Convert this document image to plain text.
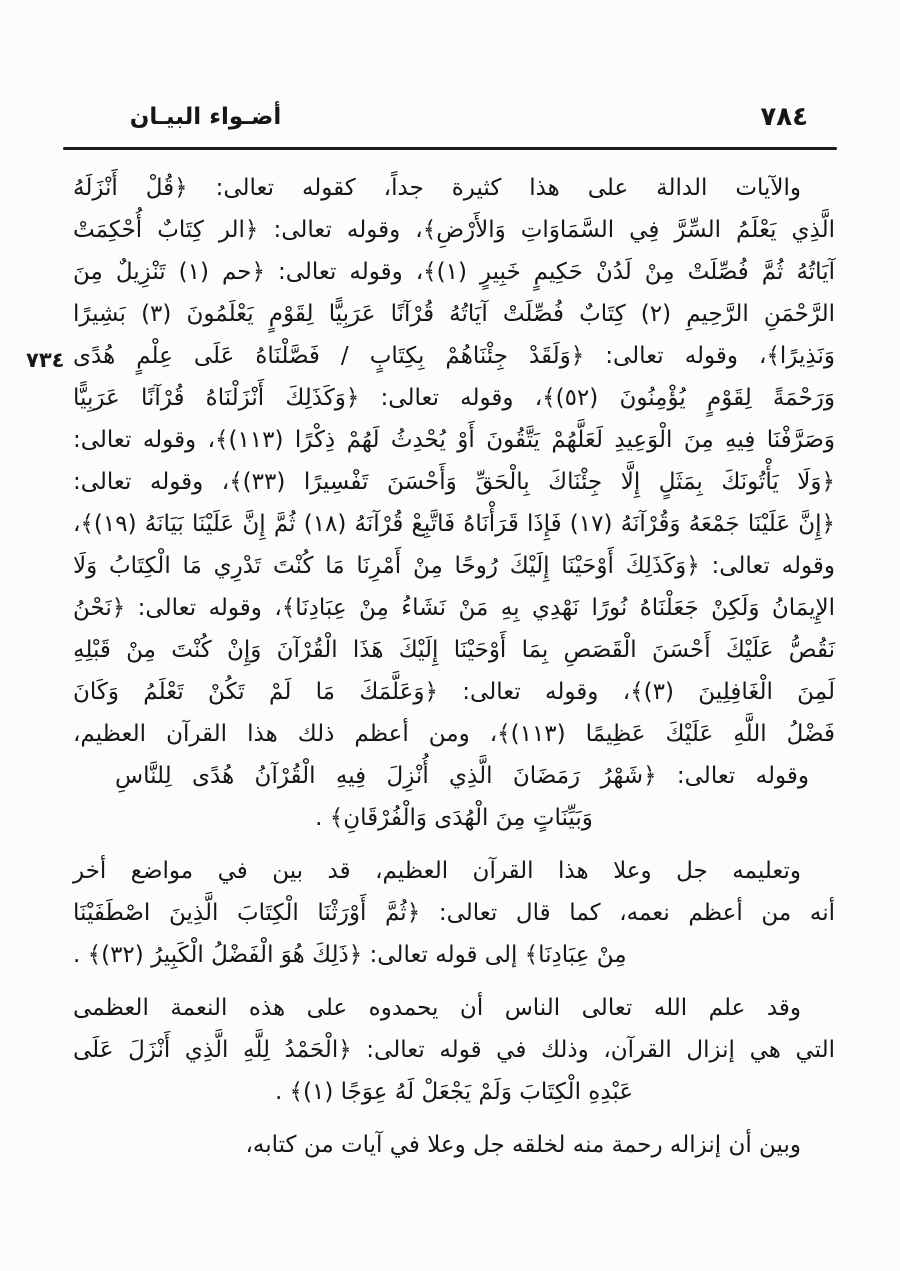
أضـواء البيـان	٧٨٤
٧٣٤
والآيات الدالة على هذا كثيرة جداً، كقوله تعالى: ﴿قُلْ أَنْزَلَهُ
الَّذِي يَعْلَمُ السِّرَّ فِي السَّمَاوَاتِ وَالأَرْضِ﴾، وقوله تعالى: ﴿الر كِتَابٌ أُحْكِمَتْ
آيَاتُهُ ثُمَّ فُصِّلَتْ مِنْ لَدُنْ حَكِيمٍ خَبِيرٍ (١)﴾، وقوله تعالى: ﴿حم (١) تَنْزِيلٌ مِنَ
الرَّحْمَنِ الرَّحِيمِ (٢) كِتَابٌ فُصِّلَتْ آيَاتُهُ قُرْآنًا عَرَبِيًّا لِقَوْمٍ يَعْلَمُونَ (٣) بَشِيرًا
وَنَذِيرًا﴾، وقوله تعالى: ﴿وَلَقَدْ جِئْنَاهُمْ بِكِتَابٍ / فَصَّلْنَاهُ عَلَى عِلْمٍ هُدًى
وَرَحْمَةً لِقَوْمٍ يُؤْمِنُونَ (٥٢)﴾، وقوله تعالى: ﴿وَكَذَلِكَ أَنْزَلْنَاهُ قُرْآنًا عَرَبِيًّا
وَصَرَّفْنَا فِيهِ مِنَ الْوَعِيدِ لَعَلَّهُمْ يَتَّقُونَ أَوْ يُحْدِثُ لَهُمْ ذِكْرًا (١١٣)﴾، وقوله تعالى:
﴿وَلَا يَأْتُونَكَ بِمَثَلٍ إِلَّا جِئْنَاكَ بِالْحَقِّ وَأَحْسَنَ تَفْسِيرًا (٣٣)﴾، وقوله تعالى:
﴿إِنَّ عَلَيْنَا جَمْعَهُ وَقُرْآنَهُ (١٧) فَإِذَا قَرَأْنَاهُ فَاتَّبِعْ قُرْآنَهُ (١٨) ثُمَّ إِنَّ عَلَيْنَا بَيَانَهُ (١٩)﴾،
وقوله تعالى: ﴿وَكَذَلِكَ أَوْحَيْنَا إِلَيْكَ رُوحًا مِنْ أَمْرِنَا مَا كُنْتَ تَدْرِي مَا الْكِتَابُ وَلَا
الإِيمَانُ وَلَكِنْ جَعَلْنَاهُ نُورًا نَهْدِي بِهِ مَنْ نَشَاءُ مِنْ عِبَادِنَا﴾، وقوله تعالى: ﴿نَحْنُ
نَقُصُّ عَلَيْكَ أَحْسَنَ الْقَصَصِ بِمَا أَوْحَيْنَا إِلَيْكَ هَذَا الْقُرْآنَ وَإِنْ كُنْتَ مِنْ قَبْلِهِ
لَمِنَ الْغَافِلِينَ (٣)﴾، وقوله تعالى: ﴿وَعَلَّمَكَ مَا لَمْ تَكُنْ تَعْلَمُ وَكَانَ
فَضْلُ اللَّهِ عَلَيْكَ عَظِيمًا (١١٣)﴾، ومن أعظم ذلك هذا القرآن العظيم،
وقوله تعالى: ﴿شَهْرُ رَمَضَانَ الَّذِي أُنْزِلَ فِيهِ الْقُرْآنُ هُدًى لِلنَّاسِ
وَبَيِّنَاتٍ مِنَ الْهُدَى وَالْفُرْقَانِ﴾ .
وتعليمه جل وعلا هذا القرآن العظيم، قد بين في مواضع أخر
أنه من أعظم نعمه، كما قال تعالى: ﴿ثُمَّ أَوْرَثْنَا الْكِتَابَ الَّذِينَ اصْطَفَيْنَا
مِنْ عِبَادِنَا﴾ إلى قوله تعالى: ﴿ذَلِكَ هُوَ الْفَضْلُ الْكَبِيرُ (٣٢)﴾ .
وقد علم الله تعالى الناس أن يحمدوه على هذه النعمة العظمى
التي هي إنزال القرآن، وذلك في قوله تعالى: ﴿الْحَمْدُ لِلَّهِ الَّذِي أَنْزَلَ عَلَى
عَبْدِهِ الْكِتَابَ وَلَمْ يَجْعَلْ لَهُ عِوَجًا (١)﴾ .
وبين أن إنزاله رحمة منه لخلقه جل وعلا في آيات من كتابه،
